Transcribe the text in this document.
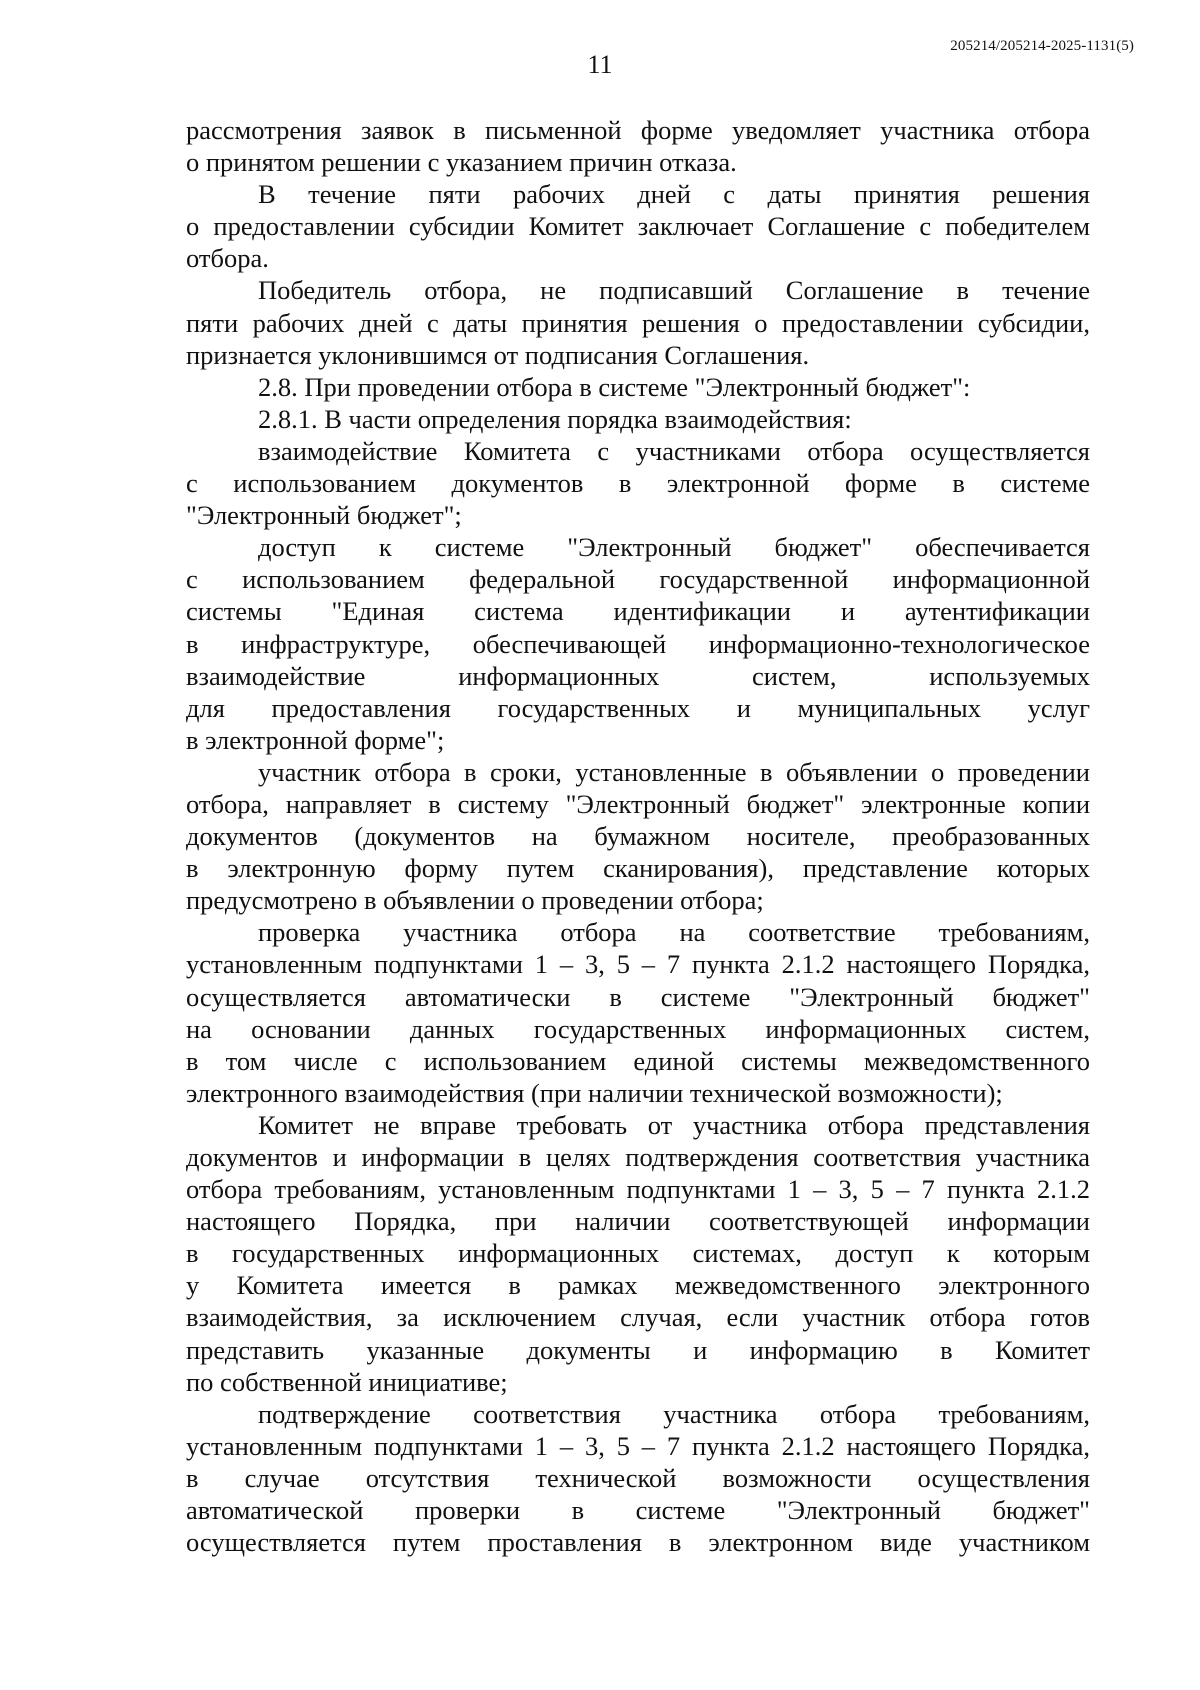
205214/205214-2025-1131(5)
11
рассмотрения заявок в письменной форме уведомляет участника отбора
о принятом решении с указанием причин отказа.
В течение пяти рабочих дней с даты принятия решения
о предоставлении субсидии Комитет заключает Соглашение с победителем
отбора.
Победитель отбора, не подписавший Соглашение в течение
пяти рабочих дней с даты принятия решения о предоставлении субсидии,
признается уклонившимся от подписания Соглашения.
2.8. При проведении отбора в системе "Электронный бюджет":
2.8.1. В части определения порядка взаимодействия:
взаимодействие Комитета с участниками отбора осуществляется
с использованием документов в электронной форме в системе
"Электронный бюджет";
доступ к системе "Электронный бюджет" обеспечивается
с использованием федеральной государственной информационной
системы "Единая система идентификации и аутентификации
в инфраструктуре, обеспечивающей информационно-технологическое
взаимодействие информационных систем, используемых
для предоставления государственных и муниципальных услуг
в электронной форме";
участник отбора в сроки, установленные в объявлении о проведении
отбора, направляет в систему "Электронный бюджет" электронные копии
документов (документов на бумажном носителе, преобразованных
в электронную форму путем сканирования), представление которых
предусмотрено в объявлении о проведении отбора;
проверка участника отбора на соответствие требованиям,
установленным подпунктами 1 – 3, 5 – 7 пункта 2.1.2 настоящего Порядка,
осуществляется автоматически в системе "Электронный бюджет"
на основании данных государственных информационных систем,
в том числе с использованием единой системы межведомственного
электронного взаимодействия (при наличии технической возможности);
Комитет не вправе требовать от участника отбора представления
документов и информации в целях подтверждения соответствия участника
отбора требованиям, установленным подпунктами 1 – 3, 5 – 7 пункта 2.1.2
настоящего Порядка, при наличии соответствующей информации
в государственных информационных системах, доступ к которым
у Комитета имеется в рамках межведомственного электронного
взаимодействия, за исключением случая, если участник отбора готов
представить указанные документы и информацию в Комитет
по собственной инициативе;
подтверждение соответствия участника отбора требованиям,
установленным подпунктами 1 – 3, 5 – 7 пункта 2.1.2 настоящего Порядка,
в случае отсутствия технической возможности осуществления
автоматической проверки в системе "Электронный бюджет"
осуществляется путем проставления в электронном виде участником
